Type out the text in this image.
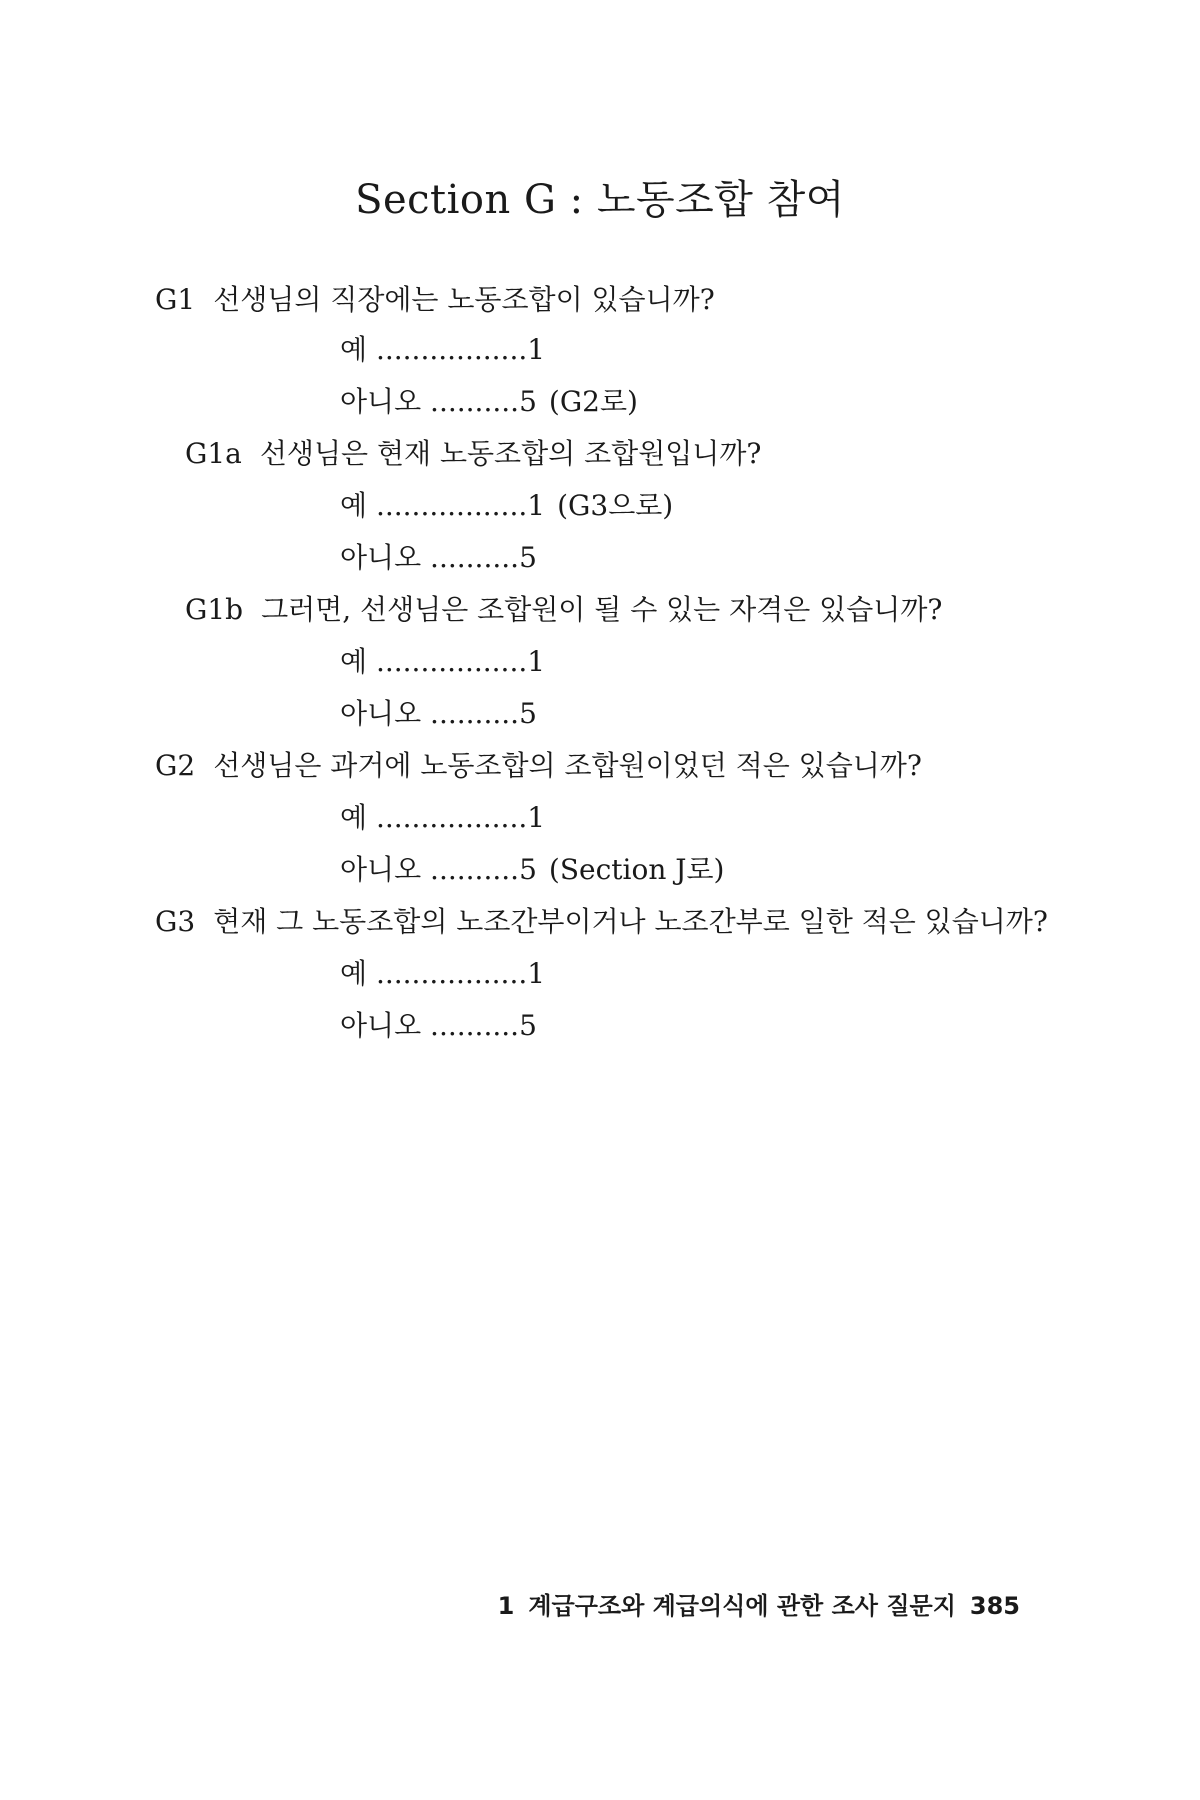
Section G : 노동조합 참여
G1 선생님의 직장에는 노동조합이 있습니까?
예 .................1
아니오 ..........5 (G2로)
G1a 선생님은 현재 노동조합의 조합원입니까?
예 .................1 (G3으로)
아니오 ..........5
G1b 그러면, 선생님은 조합원이 될 수 있는 자격은 있습니까?
예 .................1
아니오 ..........5
G2 선생님은 과거에 노동조합의 조합원이었던 적은 있습니까?
예 .................1
아니오 ..........5 (Section J로)
G3 현재 그 노동조합의 노조간부이거나 노조간부로 일한 적은 있습니까?
예 .................1
아니오 ..........5
1 계급구조와 계급의식에 관한 조사 질문지 385
